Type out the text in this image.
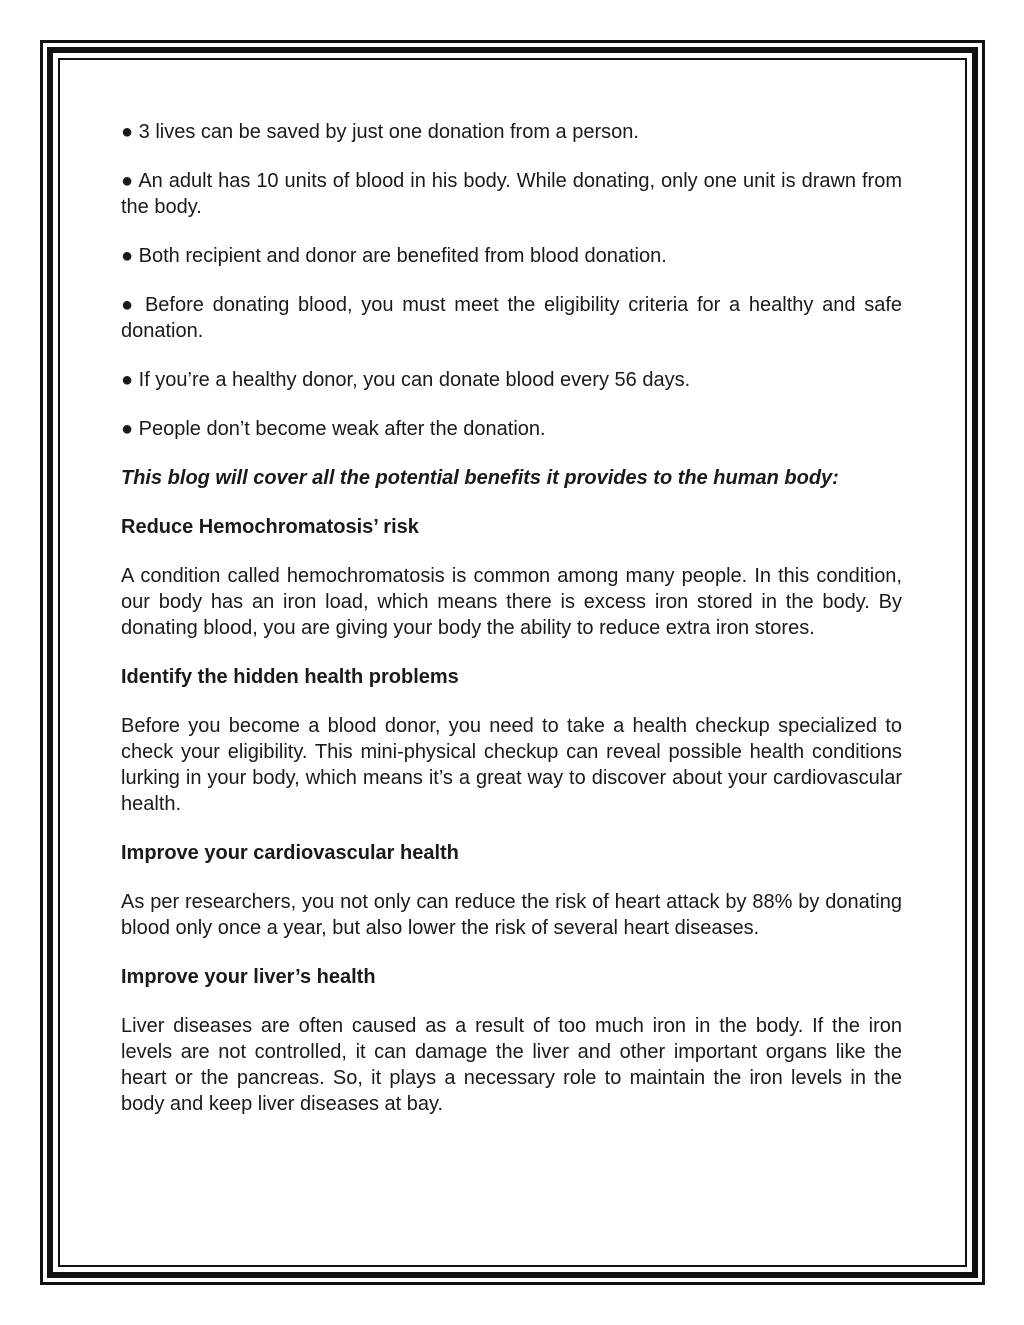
● 3 lives can be saved by just one donation from a person.

● An adult has 10 units of blood in his body. While donating, only one unit is drawn from the body.

● Both recipient and donor are benefited from blood donation.

● Before donating blood, you must meet the eligibility criteria for a healthy and safe donation.

● If you’re a healthy donor, you can donate blood every 56 days.

● People don’t become weak after the donation.

This blog will cover all the potential benefits it provides to the human body:

Reduce Hemochromatosis’ risk

A condition called hemochromatosis is common among many people. In this condition, our body has an iron load, which means there is excess iron stored in the body. By donating blood, you are giving your body the ability to reduce extra iron stores.

Identify the hidden health problems

Before you become a blood donor, you need to take a health checkup specialized to check your eligibility. This mini-physical checkup can reveal possible health conditions lurking in your body, which means it’s a great way to discover about your cardiovascular health.

Improve your cardiovascular health

As per researchers, you not only can reduce the risk of heart attack by 88% by donating blood only once a year, but also lower the risk of several heart diseases.

Improve your liver’s health

Liver diseases are often caused as a result of too much iron in the body. If the iron levels are not controlled, it can damage the liver and other important organs like the heart or the pancreas. So, it plays a necessary role to maintain the iron levels in the body and keep liver diseases at bay.
